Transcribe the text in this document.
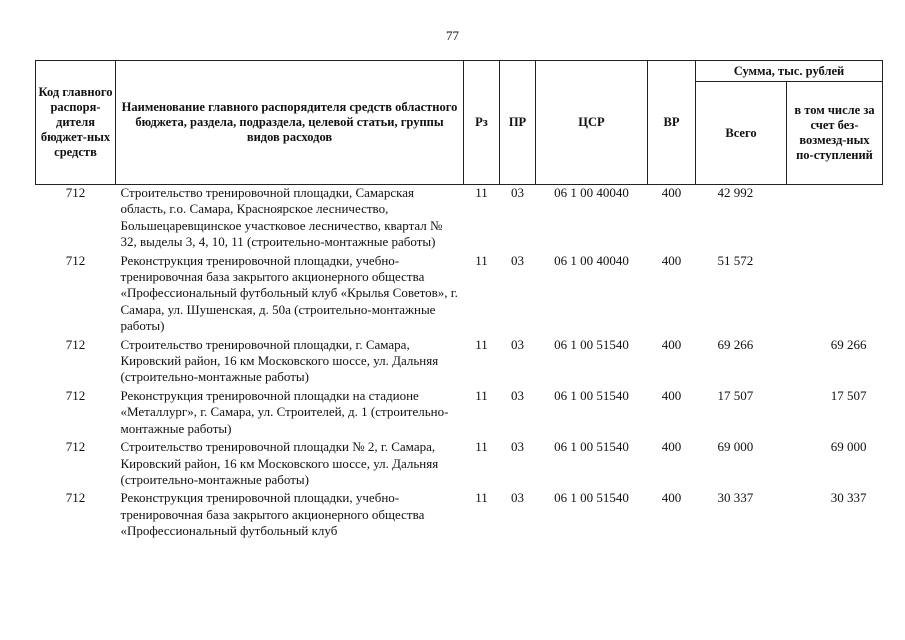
77
Код главного распоря-дителя бюджет-ных средств	Наименование главного распорядителя средств областного бюджета, раздела, подраздела, целевой статьи, группы видов расходов	Рз	ПР	ЦСР	ВР	Сумма, тыс. рублей	
						Всего	в том числе за счет без-возмезд-ных по-ступлений
712	Строительство тренировочной площадки, Самарская область, г.о. Самара, Красноярское лесничество, Большецаревщинское участковое лесничество, квартал № 32, выделы 3, 4, 10, 11 (строительно-монтажные работы)	11	03	06 1 00 40040	400	42 992	
712	Реконструкция тренировочной площадки, учебно-тренировочная база закрытого акционерного общества «Профессиональный футбольный клуб «Крылья Советов», г. Самара, ул. Шушенская, д. 50а (строительно-монтажные работы)	11	03	06 1 00 40040	400	51 572	
712	Строительство тренировочной площадки, г. Самара, Кировский район, 16 км Московского шоссе, ул. Дальняя (строительно-монтажные работы)	11	03	06 1 00 51540	400	69 266	69 266
712	Реконструкция тренировочной площадки на стадионе «Металлург», г. Самара, ул. Строителей, д. 1 (строительно-монтажные работы)	11	03	06 1 00 51540	400	17 507	17 507
712	Строительство тренировочной площадки № 2, г. Самара, Кировский район, 16 км Московского шоссе, ул. Дальняя (строительно-монтажные работы)	11	03	06 1 00 51540	400	69 000	69 000
712	Реконструкция тренировочной площадки, учебно-тренировочная база закрытого акционерного общества «Профессиональный футбольный клуб	11	03	06 1 00 51540	400	30 337	30 337
